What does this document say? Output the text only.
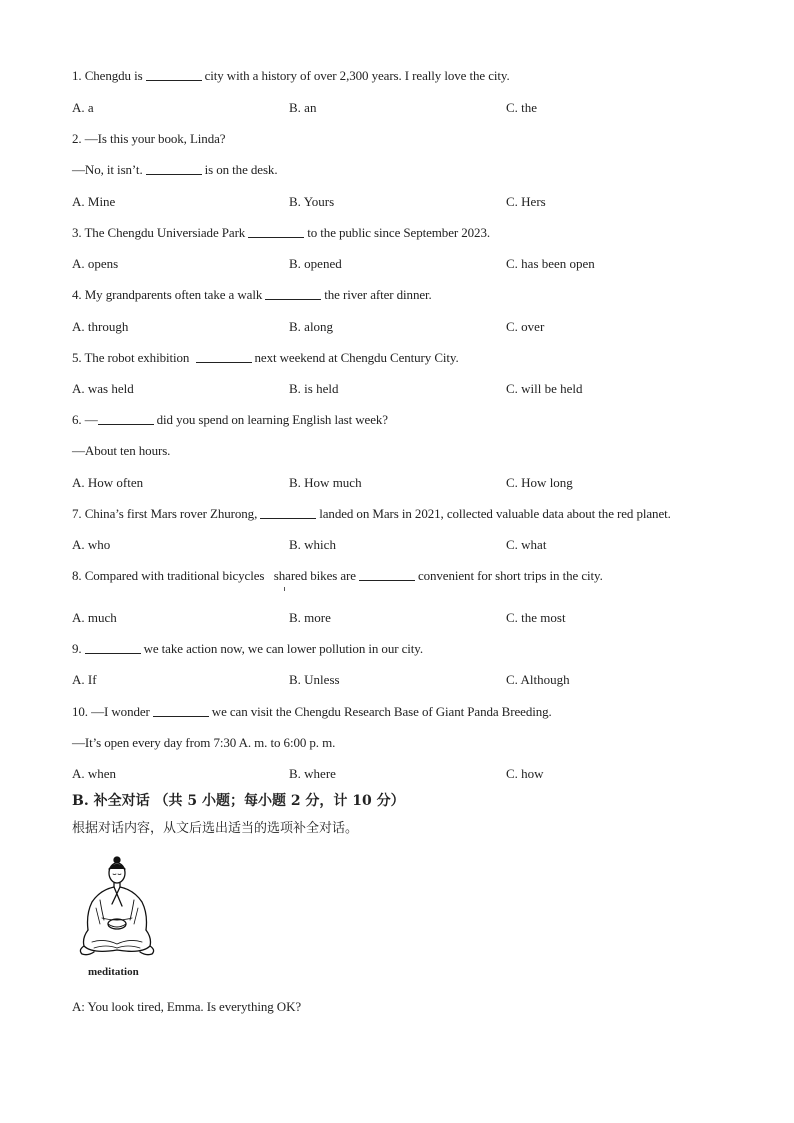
1. Chengdu is	city with a history of over 2,300 years. I really love the city.
A. a	B. an	C. the
2. —Is this your book, Linda?
—No, it isn’t.	is on the desk.
A. Mine	B. Yours	C. Hers
3. The Chengdu Universiade Park	to the public since September 2023.
A. opens	B. opened	C. has been open
4. My grandparents often take a walk	the river after dinner.
A. through	B. along	C. over
5. The robot exhibition	next weekend at Chengdu Century City.
A. was held	B. is held	C. will be held
6. —	did you spend on learning English last week?
—About ten hours.
A. How often	B. How much	C. How long
7. China’s first Mars rover Zhurong,	landed on Mars in 2021, collected valuable data about the red planet.
A. who	B. which	C. what
8. Compared with traditional bicycles shared bikes are	convenient for short trips in the city.
A. much	B. more	C. the most
9.	we take action now, we can lower pollution in our city.
A. If	B. Unless	C. Although
10. —I wonder	we can visit the Chengdu Research Base of Giant Panda Breeding.
—It’s open every day from 7:30 A. m. to 6:00 p. m.
A. when	B. where	C. how
B. 补全对话 （共 5 小题；每小题 2 分，计 10 分）
根据对话内容，从文后选出适当的选项补全对话。
meditation
A: You look tired, Emma. Is everything OK?
